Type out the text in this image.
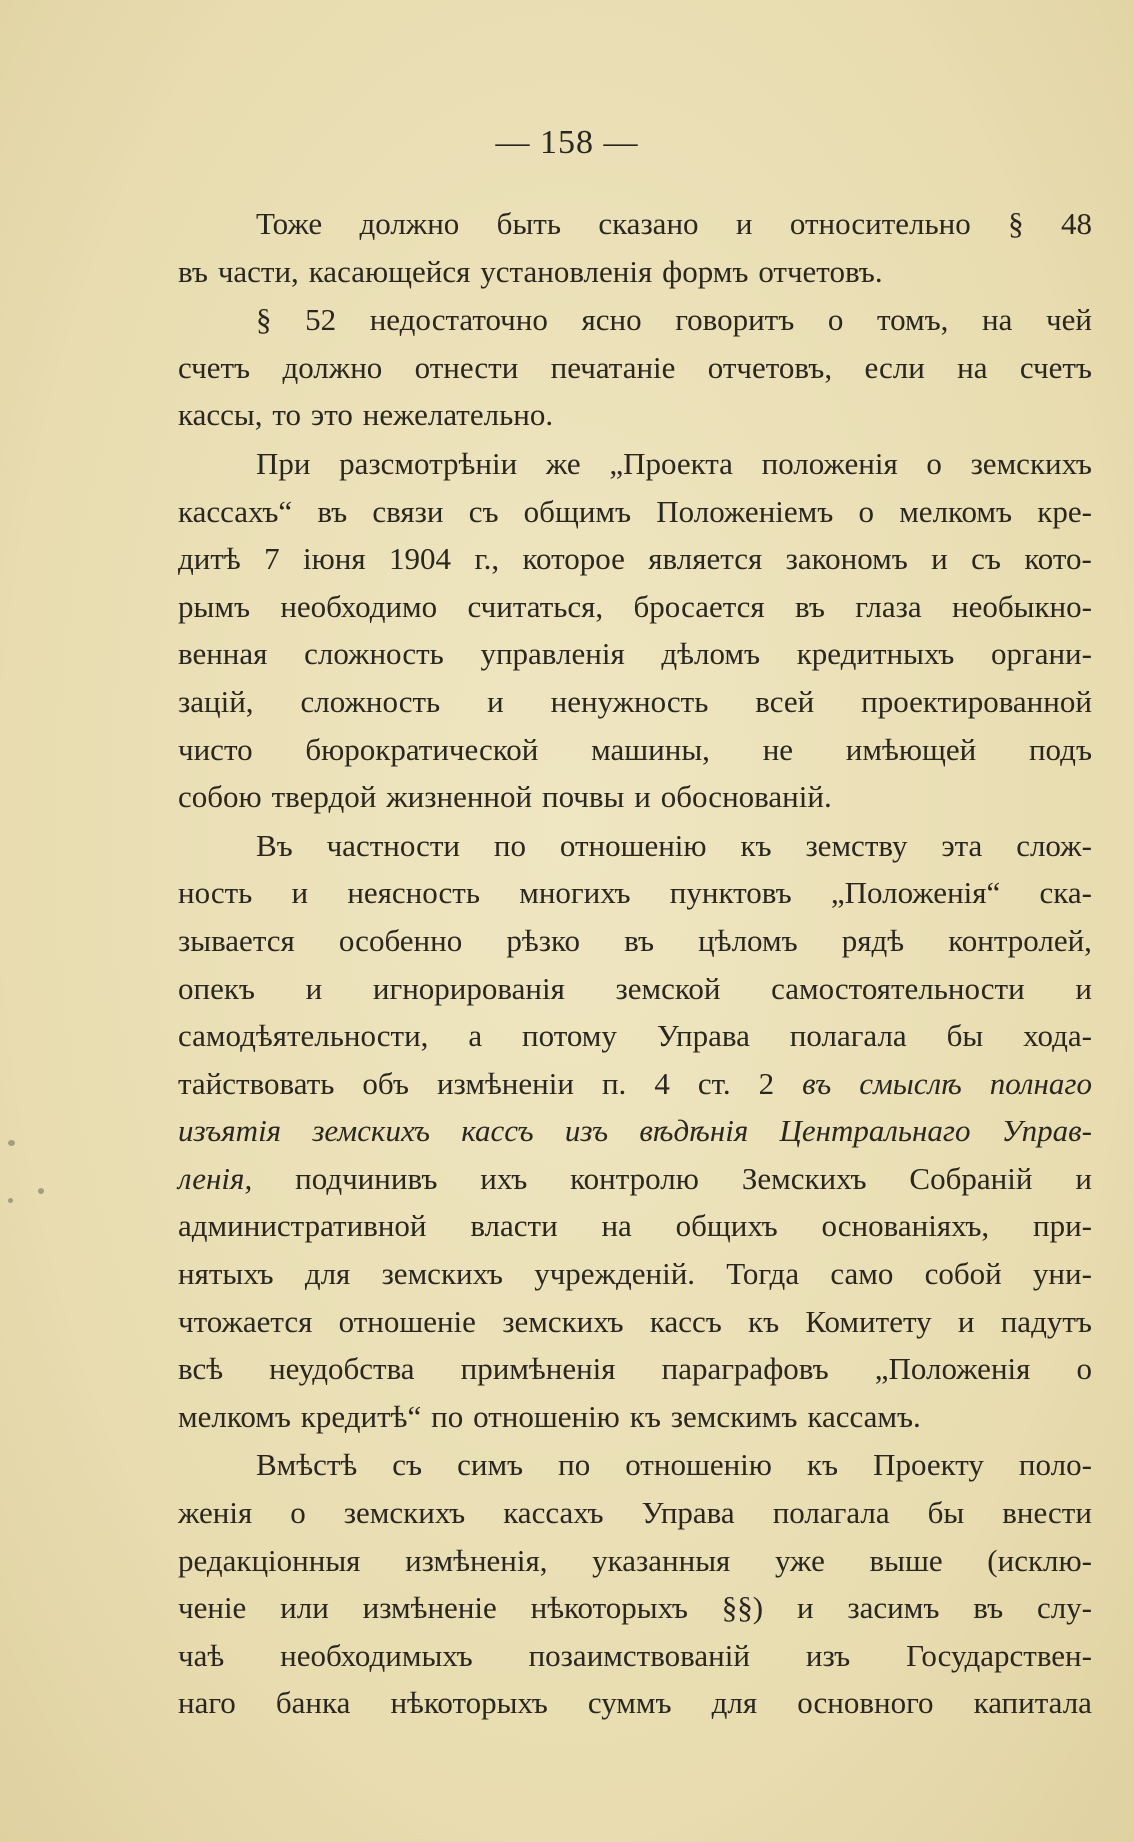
— 158 —
Тоже должно быть сказано и относительно § 48
въ части, касающейся установленія формъ отчетовъ.
§ 52 недостаточно ясно говоритъ о томъ, на чей
счетъ должно отнести печатаніе отчетовъ, если на счетъ
кассы, то это нежелательно.
При разсмотрѣніи же „Проекта положенія о земскихъ
кассахъ“ въ связи съ общимъ Положеніемъ о мелкомъ кре-
дитѣ 7 іюня 1904 г., которое является закономъ и съ кото-
рымъ необходимо считаться, бросается въ глаза необыкно-
венная сложность управленія дѣломъ кредитныхъ органи-
зацій, сложность и ненужность всей проектированной
чисто бюрократической машины, не имѣющей подъ
собою твердой жизненной почвы и обоснованій.
Въ частности по отношенію къ земству эта слож-
ность и неясность многихъ пунктовъ „Положенія“ ска-
зывается особенно рѣзко въ цѣломъ рядѣ контролей,
опекъ и игнорированія земской самостоятельности и
самодѣятельности, а потому Управа полагала бы хода-
тайствовать объ измѣненіи п. 4 ст. 2 въ смыслѣ полнаго
изъятія земскихъ кассъ изъ вѣдѣнія Центральнаго Управ-
ленія, подчинивъ ихъ контролю Земскихъ Собраній и
административной власти на общихъ основаніяхъ, при-
нятыхъ для земскихъ учрежденій. Тогда само собой уни-
чтожается отношеніе земскихъ кассъ къ Комитету и падутъ
всѣ неудобства примѣненія параграфовъ „Положенія о
мелкомъ кредитѣ“ по отношенію къ земскимъ кассамъ.
Вмѣстѣ съ симъ по отношенію къ Проекту поло-
женія о земскихъ кассахъ Управа полагала бы внести
редакціонныя измѣненія, указанныя уже выше (исклю-
ченіе или измѣненіе нѣкоторыхъ §§) и засимъ въ слу-
чаѣ необходимыхъ позаимствованій изъ Государствен-
наго банка нѣкоторыхъ суммъ для основного капитала
